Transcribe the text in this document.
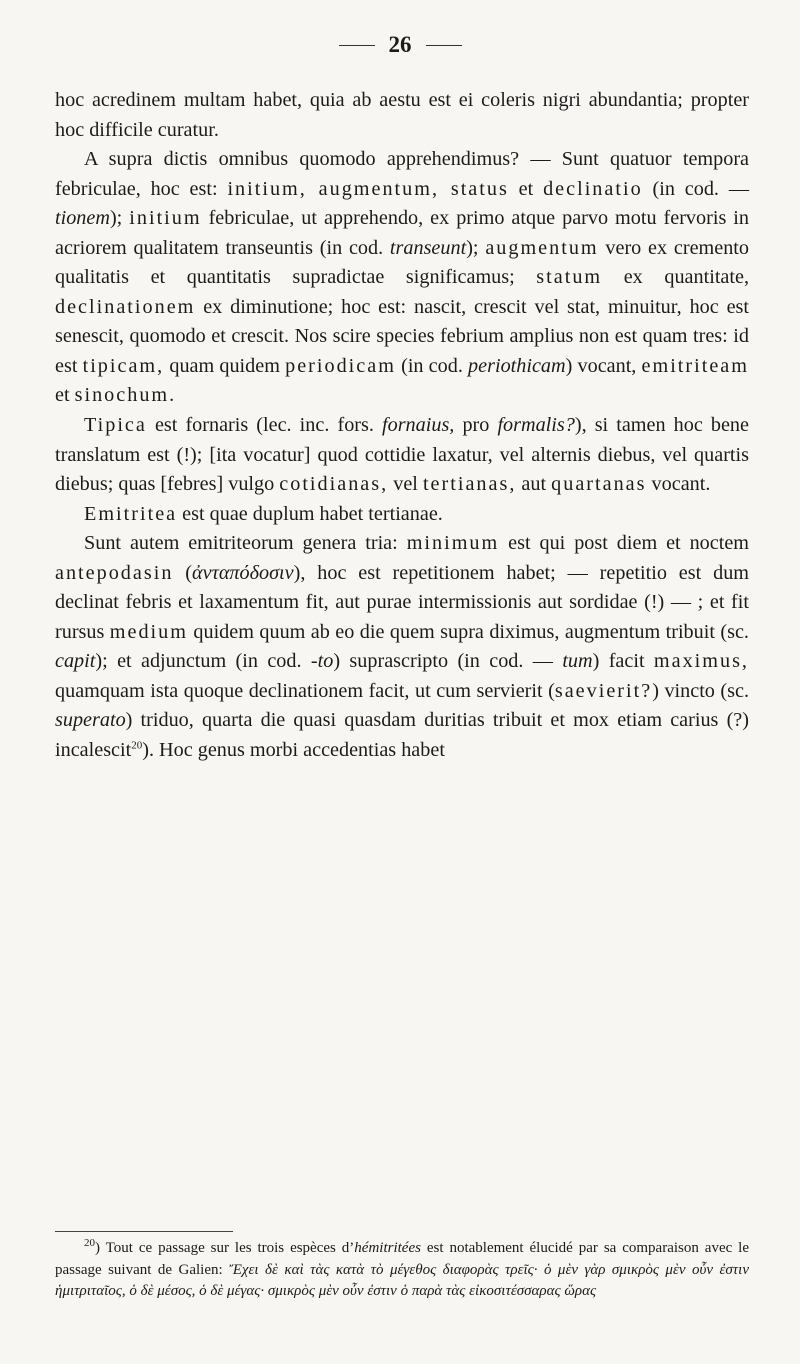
26

hoc acredinem multam habet, quia ab aestu est ei coleris nigri abundantia; propter hoc difficile curatur.

A supra dictis omnibus quomodo apprehendimus? — Sunt quatuor tempora febriculae, hoc est: initium, augmentum, status et declinatio (in cod. — tionem); initium febriculae, ut apprehendo, ex primo atque parvo motu fervoris in acriorem qualitatem transeuntis (in cod. transeunt); augmentum vero ex cremento qualitatis et quantitatis supradictae significamus; statum ex quantitate, declinationem ex diminutione; hoc est: nascit, crescit vel stat, minuitur, hoc est senescit, quomodo et crescit. Nos scire species febrium amplius non est quam tres: id est tipicam, quam quidem periodicam (in cod. periothicam) vocant, emitriteam et sinochum.

Tipica est fornaris (lec. inc. fors. fornaius, pro formalis?), si tamen hoc bene translatum est (!); [ita vocatur] quod cottidie laxatur, vel alternis diebus, vel quartis diebus; quas [febres] vulgo cotidianas, vel tertianas, aut quartanas vocant.

Emitritea est quae duplum habet tertianae.

Sunt autem emitriteorum genera tria: minimum est qui post diem et noctem antepodasin (ἀνταπόδοσιν), hoc est repetitionem habet; — repetitio est dum declinat febris et laxamentum fit, aut purae intermissionis aut sordidae (!) — ; et fit rursus medium quidem quum ab eo die quem supra diximus, augmentum tribuit (sc. capit); et adjunctum (in cod. -to) suprascripto (in cod. — tum) facit maximus, quamquam ista quoque declinationem facit, ut cum servierit (saevierit?) vincto (sc. superato) triduo, quarta die quasi quasdam duritias tribuit et mox etiam carius (?) incalescit$^{20}$). Hoc genus morbi accedentias habet

$^{20}$) Tout ce passage sur les trois espèces d’hémitritées est notablement élucidé par sa comparaison avec le passage suivant de Galien: Ἔχει δὲ καὶ τὰς κατὰ τὸ μέγεθος διαφορὰς τρεῖς· ὁ μὲν γὰρ σμικρὸς μὲν οὖν ἐστιν ἡμιτριταῖος, ὁ δὲ μέσος, ὁ δὲ μέγας· σμικρὸς μὲν οὖν ἐστιν ὁ παρὰ τὰς εἰκοσιτέσσαρας ὥρας
